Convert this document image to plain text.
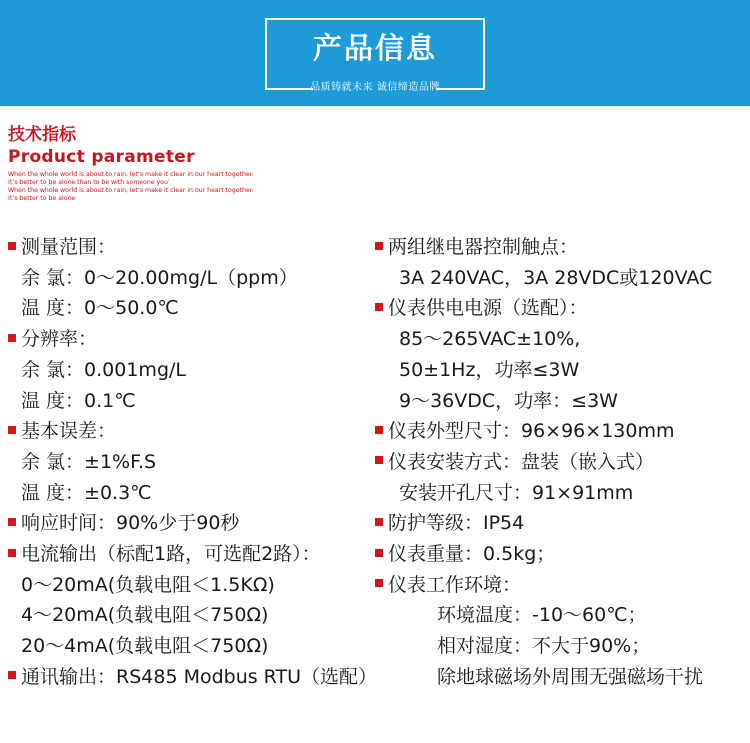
产品信息
品质铸就未来 诚信缔造品牌
技术指标
Product parameter
When the whole world is about to rain, let’s make it clear in our heart together.
It’s better to be alone than to be with someone you’
When the whole world is about to rain, let’s make it clear in our heart together.
It’s better to be alone
测量范围：
余 氯：0～20.00mg/L（ppm）
温 度：0～50.0℃
分辨率：
余 氯：0.001mg/L
温 度：0.1℃
基本误差：
余 氯：±1%F.S
温 度：±0.3℃
响应时间：90%少于90秒
电流输出（标配1路，可选配2路）：
0～20mA(负载电阻＜1.5KΩ)
4～20mA(负载电阻＜750Ω)
20～4mA(负载电阻＜750Ω)
通讯输出：RS485 Modbus RTU（选配）
两组继电器控制触点：
3A 240VAC，3A 28VDC或120VAC
仪表供电电源（选配）：
85～265VAC±10%,
50±1Hz，功率≤3W
9～36VDC，功率：≤3W
仪表外型尺寸：96×96×130mm
仪表安装方式：盘装（嵌入式）
安装开孔尺寸：91×91mm
防护等级：IP54
仪表重量：0.5kg；
仪表工作环境：
环境温度：-10～60℃；
相对湿度：不大于90%；
除地球磁场外周围无强磁场干扰
